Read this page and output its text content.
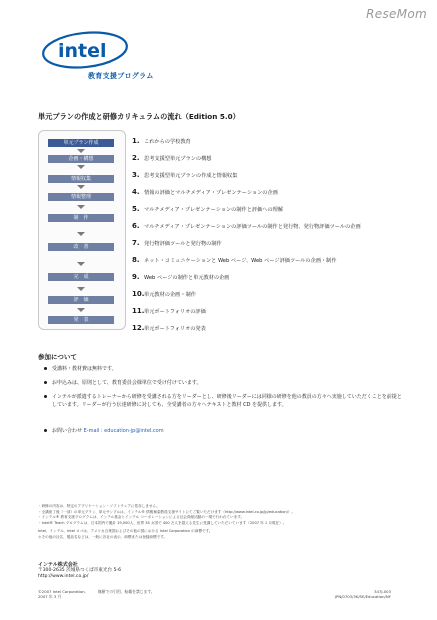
ReseMom
intel
教育支援プログラム
単元プランの作成と研修カリキュラムの流れ（Edition 5.0）
単元プラン作成
企画・構想
情報収集
情報整理
制　作
改　善
完　成
評　価
発　表
1. これからの学校教育
2. 思考支援型単元プランの構想
3. 思考支援型単元プランの作成と情報収集
4. 情報の評価とマルチメディア・プレゼンテーションの企画
5. マルチメディア・プレゼンテーションの制作と評価への理解
6. マルチメディア・プレゼンテーションの評価ツールの制作と発行物、発行物評価ツールの企画
7. 発行物評価ツールと発行物の制作
8. ネット・コミュニケーションと Web ページ、Web ページ評価ツールの企画・制作
9. Web ページの制作と単元教材の企画
10.単元教材の企画・制作
11.単元ポートフォリオの評価
12.単元ポートフォリオの発表
参加について
受講料・教材費は無料です。
お申込みは、原則として、教育委員会様単位で受け付けています。
インテルが派遣するトレーナーから研修を受講される方をリーダーとし、研修後リーダーには同様の研修を他の教員の方々へ実施していただくことを前提としています。リーダーが行う伝達研修に対しても、全受講者の方々へテキストと教材 CD を提供します。
お問い合わせ E-mail : education-jp@intel.com
・研修の内容は、特定のアプリケーション・ソフトウェアに依存しません。
・全講座了後（一部）の単元プラン、単元サンプルは、インテル® 情報検索教員支援サイトにてご覧いただけます（http://www.intel.co.jp/jp/education/）。
・インテル® 教育支援プログラムは、インテル基金とインテル コーポレーションによる社会貢献活動の一環で行われています。
・Intel® Teach プログラムは、日本国内で累計 19,000人、世界 35 カ国で 400 万人を超える先生に受講していただいています（2007 年 1 月現在）。
Intel、インテル、Intel ロゴは、アメリカ合衆国およびその他の国における Intel Corporation の商標です。
＊その他の社名、製品名などは、一般に各社の表示、商標または登録商標です。
インテル株式会社
〒300-2635 茨城県つくば市東光台 5-6
http://www.intel.co.jp/
©2007 Intel Corporation.
2007 年 3 月
無断での引用、転載を禁じます。	347J-003
JPN/0703/3K/SE/Education/NY
